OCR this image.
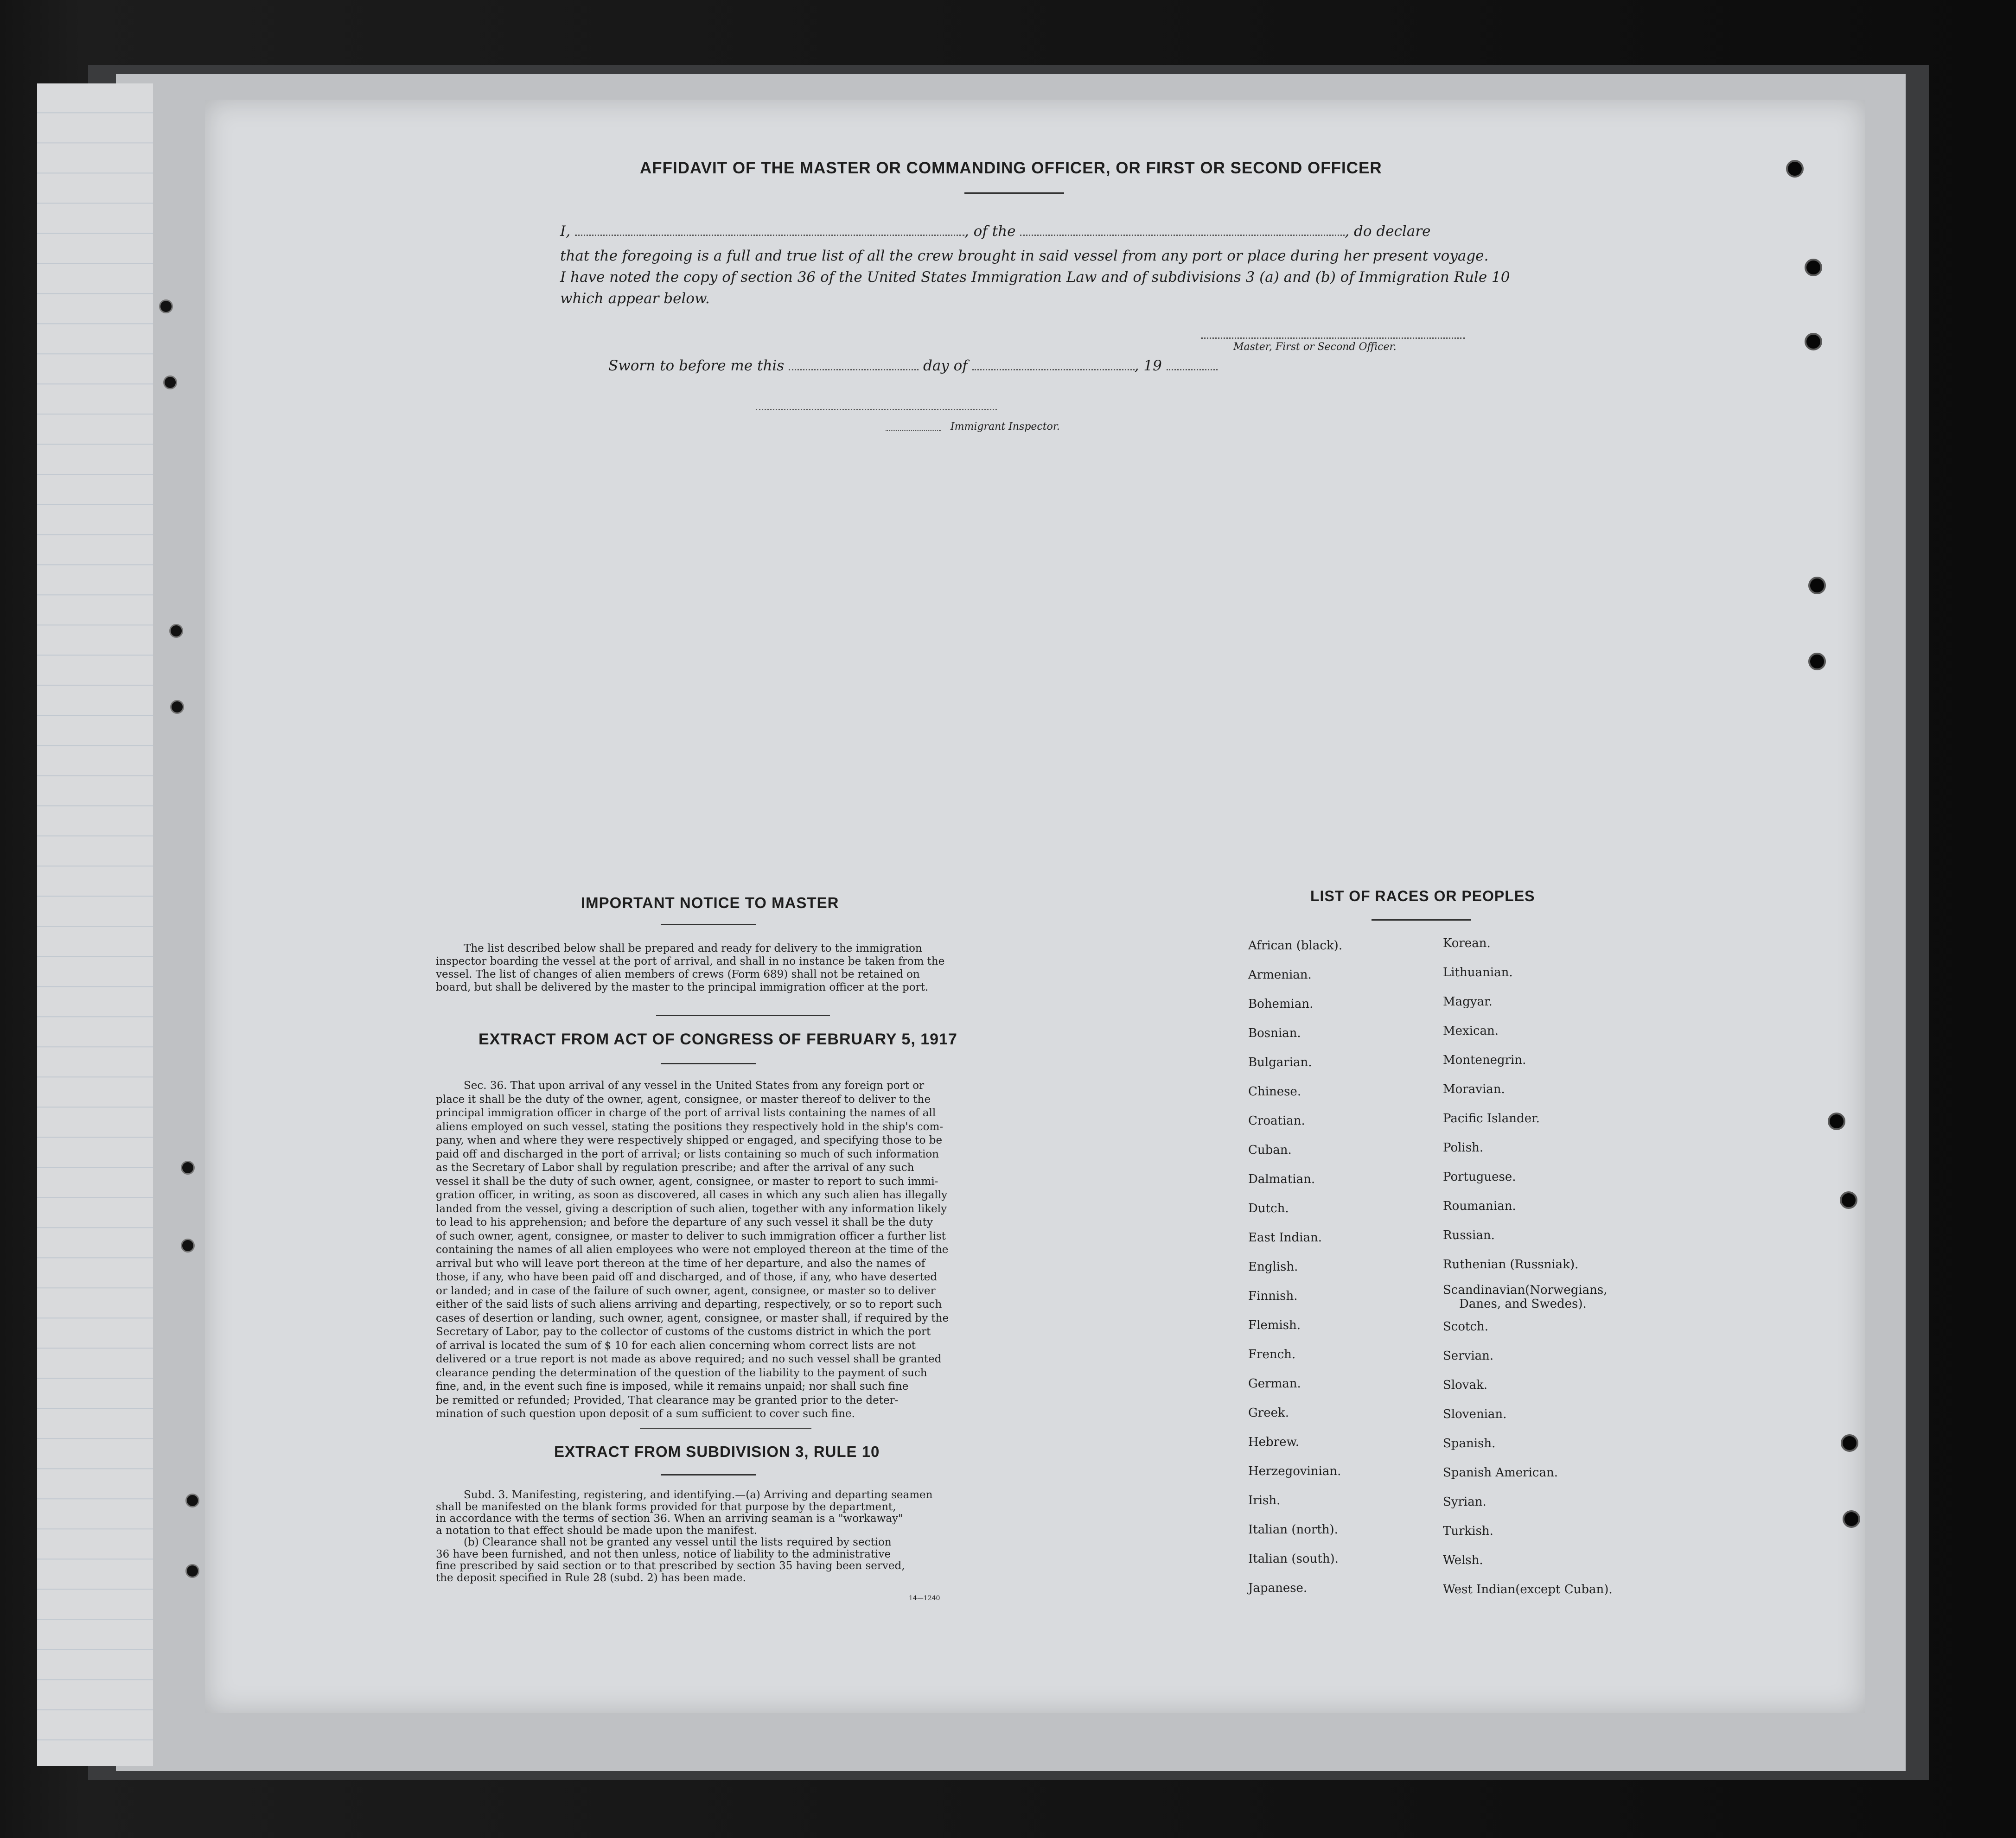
AFFIDAVIT OF THE MASTER OR COMMANDING OFFICER, OR FIRST OR SECOND OFFICER
I,	, of the	, do declare
that the foregoing is a full and true list of all the crew brought in said vessel from any port or place during her present voyage.
I have noted the copy of section 36 of the United States Immigration Law and of subdivisions 3 (a) and (b) of Immigration Rule 10
which appear below.
Master, First or Second Officer.
Sworn to before me this	day of	, 19
Immigrant Inspector.
IMPORTANT NOTICE TO MASTER
The list described below shall be prepared and ready for delivery to the immigration
inspector boarding the vessel at the port of arrival, and shall in no instance be taken from the
vessel. The list of changes of alien members of crews (Form 689) shall not be retained on
board, but shall be delivered by the master to the principal immigration officer at the port.
EXTRACT FROM ACT OF CONGRESS OF FEBRUARY 5, 1917
Sec. 36. That upon arrival of any vessel in the United States from any foreign port or
place it shall be the duty of the owner, agent, consignee, or master thereof to deliver to the
principal immigration officer in charge of the port of arrival lists containing the names of all
aliens employed on such vessel, stating the positions they respectively hold in the ship's com-
pany, when and where they were respectively shipped or engaged, and specifying those to be
paid off and discharged in the port of arrival; or lists containing so much of such information
as the Secretary of Labor shall by regulation prescribe; and after the arrival of any such
vessel it shall be the duty of such owner, agent, consignee, or master to report to such immi-
gration officer, in writing, as soon as discovered, all cases in which any such alien has illegally
landed from the vessel, giving a description of such alien, together with any information likely
to lead to his apprehension; and before the departure of any such vessel it shall be the duty
of such owner, agent, consignee, or master to deliver to such immigration officer a further list
containing the names of all alien employees who were not employed thereon at the time of the
arrival but who will leave port thereon at the time of her departure, and also the names of
those, if any, who have been paid off and discharged, and of those, if any, who have deserted
or landed; and in case of the failure of such owner, agent, consignee, or master so to deliver
either of the said lists of such aliens arriving and departing, respectively, or so to report such
cases of desertion or landing, such owner, agent, consignee, or master shall, if required by the
Secretary of Labor, pay to the collector of customs of the customs district in which the port
of arrival is located the sum of $ 10 for each alien concerning whom correct lists are not
delivered or a true report is not made as above required; and no such vessel shall be granted
clearance pending the determination of the question of the liability to the payment of such
fine, and, in the event such fine is imposed, while it remains unpaid; nor shall such fine
be remitted or refunded; Provided, That clearance may be granted prior to the deter-
mination of such question upon deposit of a sum sufficient to cover such fine.
EXTRACT FROM SUBDIVISION 3, RULE 10
Subd. 3. Manifesting, registering, and identifying.—(a) Arriving and departing seamen
shall be manifested on the blank forms provided for that purpose by the department,
in accordance with the terms of section 36. When an arriving seaman is a "workaway"
a notation to that effect should be made upon the manifest.
(b) Clearance shall not be granted any vessel until the lists required by section
36 have been furnished, and not then unless, notice of liability to the administrative
fine prescribed by said section or to that prescribed by section 35 having been served,
the deposit specified in Rule 28 (subd. 2) has been made.
14—1240
LIST OF RACES OR PEOPLES
African (black).
Armenian.
Bohemian.
Bosnian.
Bulgarian.
Chinese.
Croatian.
Cuban.
Dalmatian.
Dutch.
East Indian.
English.
Finnish.
Flemish.
French.
German.
Greek.
Hebrew.
Herzegovinian.
Irish.
Italian (north).
Italian (south).
Japanese.
Korean.
Lithuanian.
Magyar.
Mexican.
Montenegrin.
Moravian.
Pacific Islander.
Polish.
Portuguese.
Roumanian.
Russian.
Ruthenian (Russniak).
Scandinavian(Norwegians,
Danes, and Swedes).
Scotch.
Servian.
Slovak.
Slovenian.
Spanish.
Spanish American.
Syrian.
Turkish.
Welsh.
West Indian(except Cuban).
